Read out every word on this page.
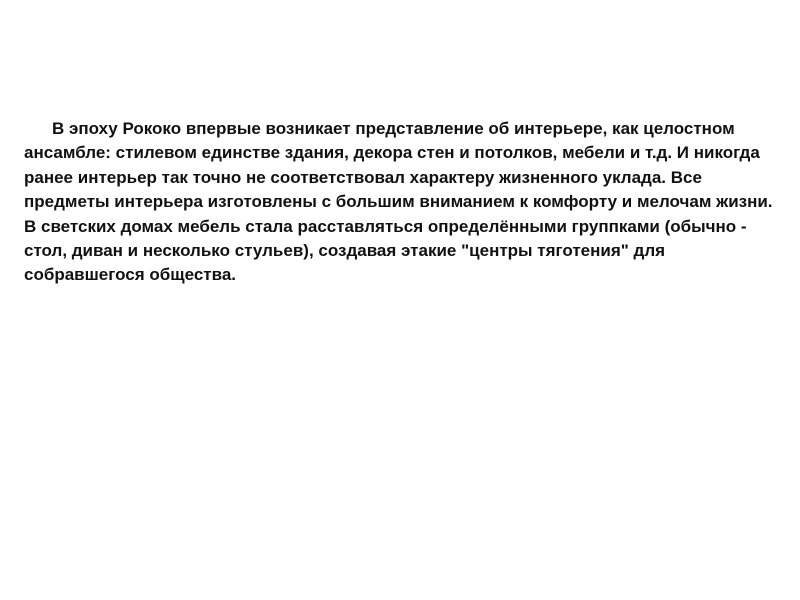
В эпоху Рококо впервые возникает представление об интерьере, как целостном ансамбле: стилевом единстве здания, декора стен и потолков, мебели и т.д. И никогда ранее интерьер так точно не соответствовал характеру жизненного уклада. Все предметы интерьера изготовлены с большим вниманием к комфорту и мелочам жизни. В светских домах мебель стала расставляться определёнными группками (обычно - стол, диван и несколько стульев), создавая этакие "центры тяготения" для собравшегося общества.
